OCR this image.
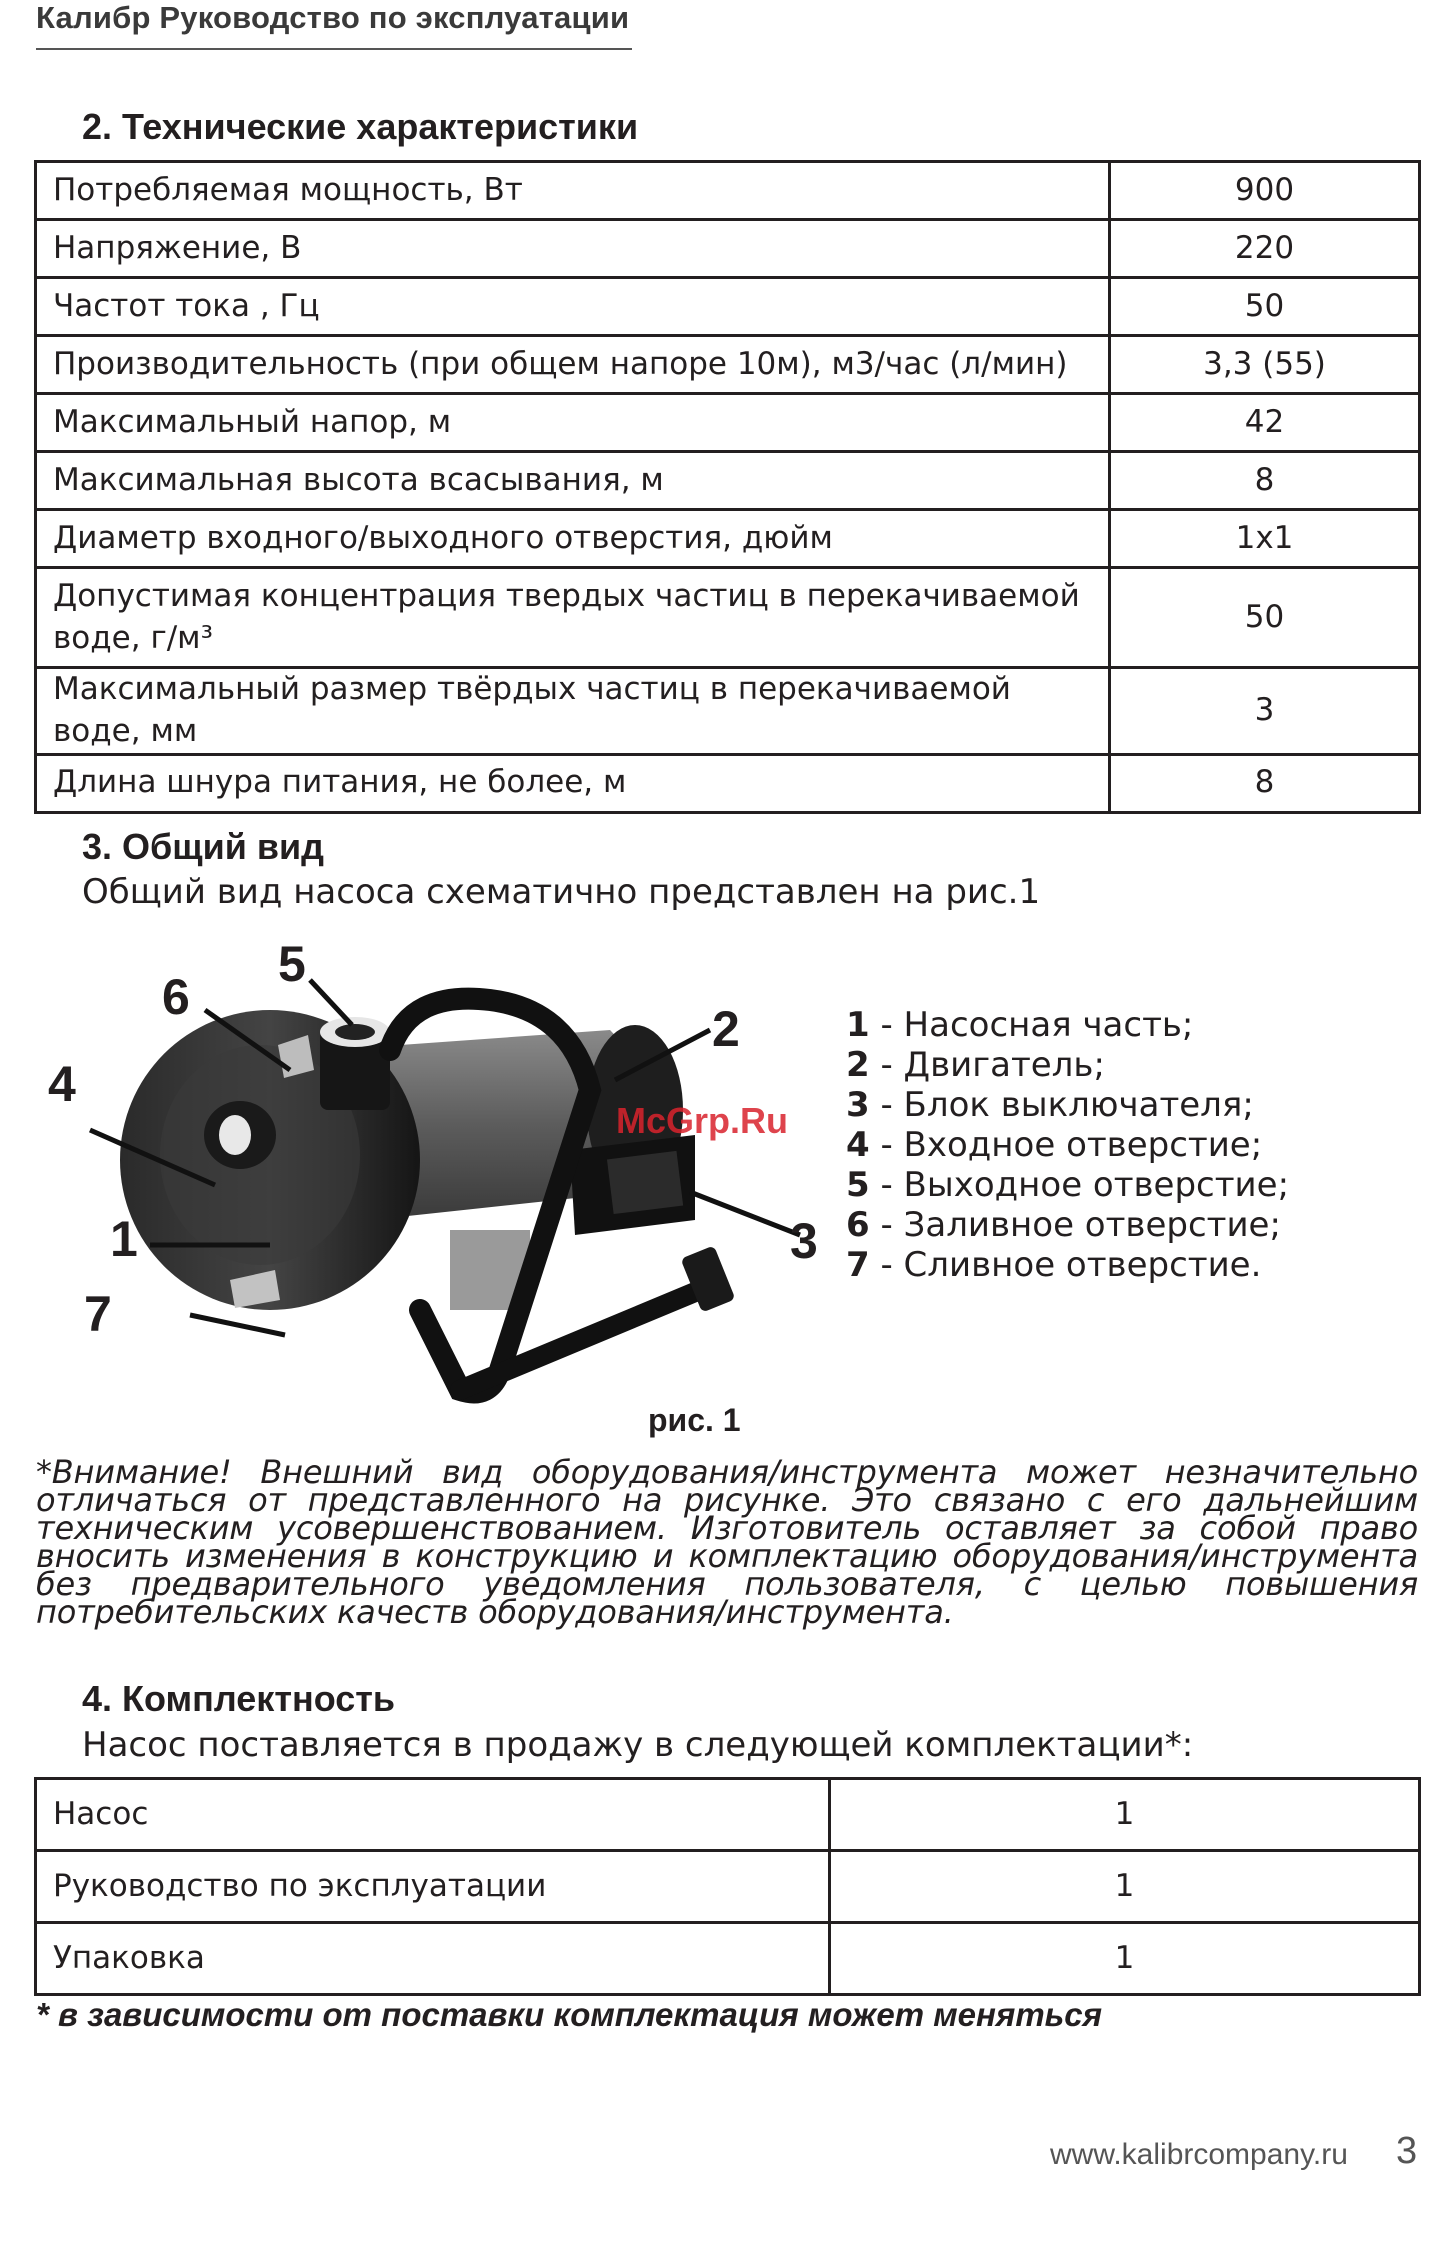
Калибр Руководство по эксплуатации
2. Технические характеристики
Потребляемая мощность, Вт	900
Напряжение, В	220
Частот тока , Гц	50
Производительность (при общем напоре 10м), м3/час (л/мин)	3,3 (55)
Максимальный напор, м	42
Максимальная высота всасывания, м	8
Диаметр входного/выходного отверстия, дюйм	1х1
Допустимая концентрация твердых частиц в перекачиваемой воде, г/м³	50
Максимальный размер твёрдых частиц в перекачиваемой воде, мм	3
Длина шнура питания, не более, м	8
3. Общий вид
Общий вид насоса схематично представлен на рис.1
1
2
3
4
5
6
7
McGrp.Ru
1 - Насосная часть;
2 - Двигатель;
3 - Блок выключателя;
4 - Входное отверстие;
5 - Выходное отверстие;
6 - Заливное отверстие;
7 - Сливное отверстие.
рис. 1
*Внимание! Внешний вид оборудования/инструмента может незначительно отличаться от представленного на рисунке. Это связано с его дальнейшим техническим усовершенствованием. Изготовитель оставляет за собой право вносить изменения в конструкцию и комплектацию оборудования/инструмента без предварительного уведомления пользователя, с целью повышения потребительских качеств оборудования/инструмента.
4. Комплектность
Насос поставляется в продажу в следующей комплектации*:
Насос	1
Руководство по эксплуатации	1
Упаковка	1
* в зависимости от поставки комплектация может меняться
www.kalibrcompany.ru 3
